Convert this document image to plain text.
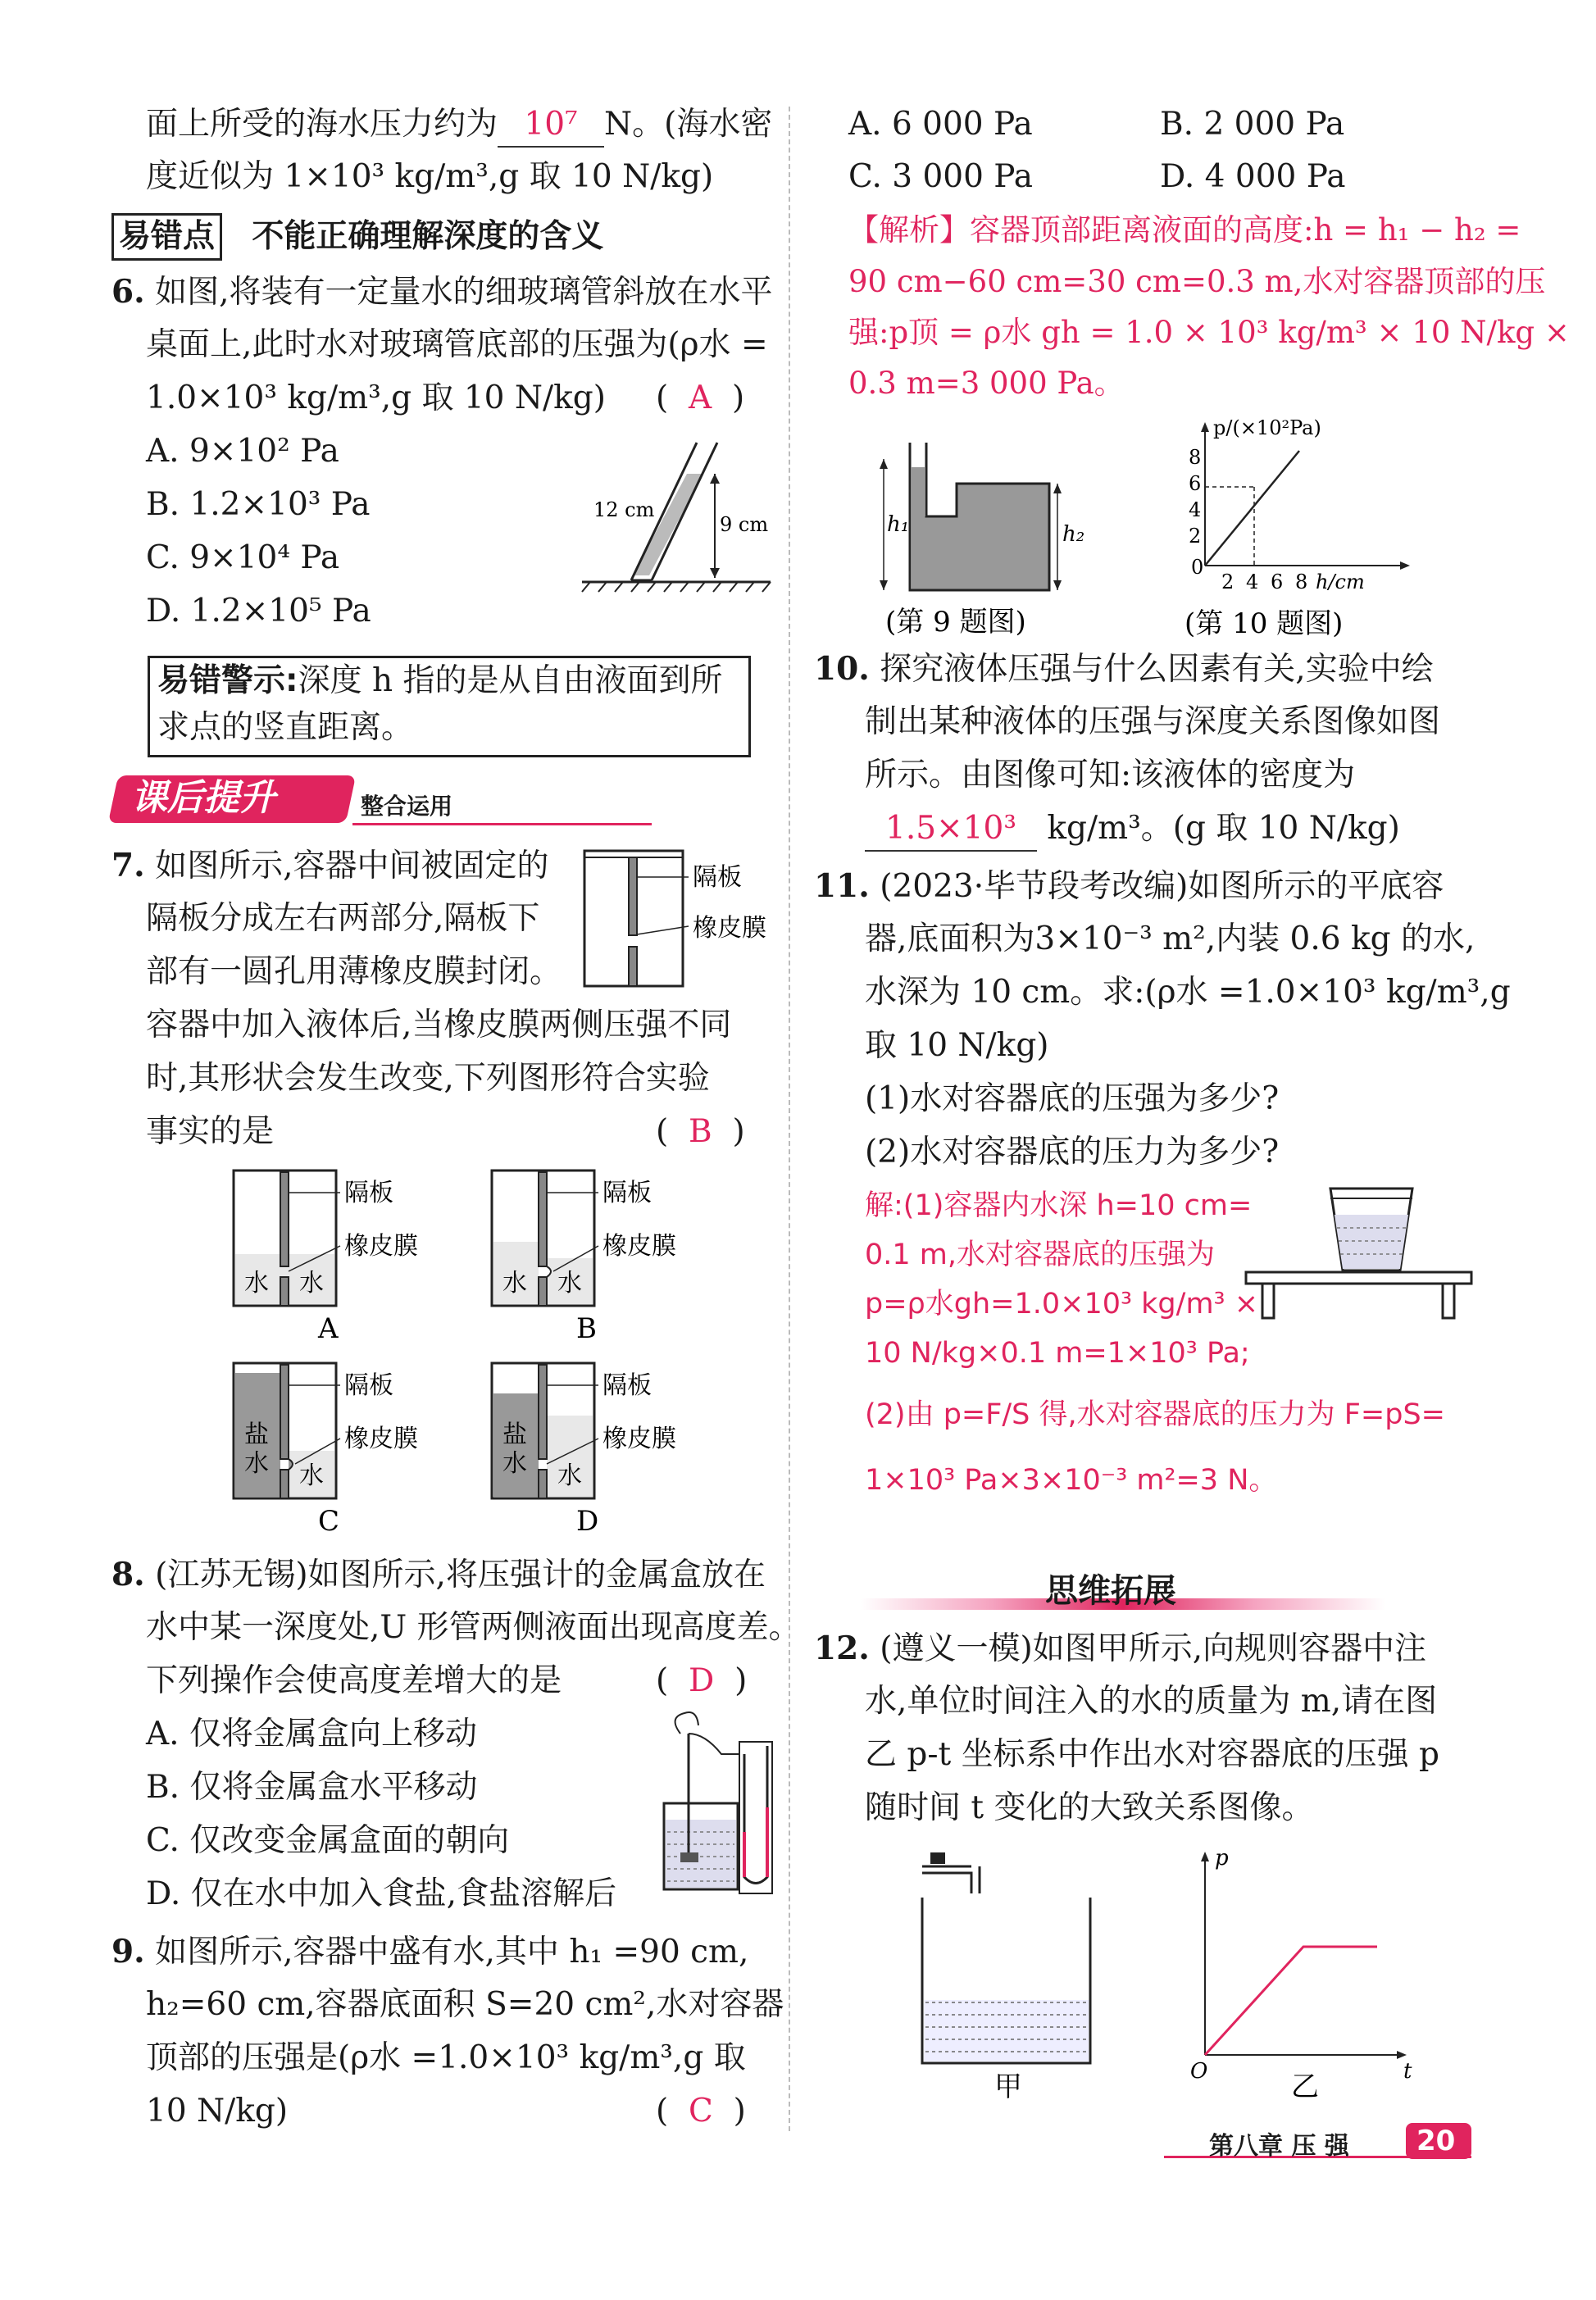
面上所受的海水压力约为 10⁷ N。(海水密
度近似为 1×10³ kg/m³,g 取 10 N/kg)
易错点 不能正确理解深度的含义
6. 如图,将装有一定量水的细玻璃管斜放在水平
桌面上,此时水对玻璃管底部的压强为(ρ水 =
1.0×10³ kg/m³,g 取 10 N/kg) (  A  )
A. 9×10² Pa
B. 1.2×10³ Pa
C. 9×10⁴ Pa
D. 1.2×10⁵ Pa
9 cm
12 cm
易错警示:深度 h 指的是从自由液面到所
求点的竖直距离。
课后提升	整合运用
7. 如图所示,容器中间被固定的
隔板分成左右两部分,隔板下
部有一圆孔用薄橡皮膜封闭。
容器中加入液体后,当橡皮膜两侧压强不同
时,其形状会发生改变,下列图形符合实验
事实的是	(  B  )
隔板
橡皮膜
隔板
橡皮膜
水 水
A
隔板
橡皮膜
水 水
B
隔板
橡皮膜
盐
水 水
C
隔板
橡皮膜
盐
水 水
D
8. (江苏无锡)如图所示,将压强计的金属盒放在
水中某一深度处,U 形管两侧液面出现高度差。
下列操作会使高度差增大的是	(  D  )
A. 仅将金属盒向上移动
B. 仅将金属盒水平移动
C. 仅改变金属盒面的朝向
D. 仅在水中加入食盐,食盐溶解后
9. 如图所示,容器中盛有水,其中 h₁ =90 cm,
h₂=60 cm,容器底面积 S=20 cm²,水对容器
顶部的压强是(ρ水 =1.0×10³ kg/m³,g 取
10 N/kg)	(  C  )
A. 6 000 Pa	B. 2 000 Pa
C. 3 000 Pa	D. 4 000 Pa
【解析】容器顶部距离液面的高度:h = h₁ − h₂ =
90 cm−60 cm=30 cm=0.3 m,水对容器顶部的压
强:p顶 = ρ水 gh = 1.0 × 10³ kg/m³ × 10 N/kg ×
0.3 m=3 000 Pa。
h₁	h₂
(第 9 题图)
p/(×10²Pa)
2
4
6
8
2 4 6 8
0
h/cm
(第 10 题图)
10. 探究液体压强与什么因素有关,实验中绘
制出某种液体的压强与深度关系图像如图
所示。由图像可知:该液体的密度为
1.5×10³ kg/m³。(g 取 10 N/kg)
11. (2023·毕节段考改编)如图所示的平底容
器,底面积为3×10⁻³ m²,内装 0.6 kg 的水,
水深为 10 cm。求:(ρ水 =1.0×10³ kg/m³,g
取 10 N/kg)
(1)水对容器底的压强为多少?
(2)水对容器底的压力为多少?
解:(1)容器内水深 h=10 cm=
0.1 m,水对容器底的压强为
p=ρ水gh=1.0×10³ kg/m³ ×
10 N/kg×0.1 m=1×10³ Pa;
(2)由 p=F/S 得,水对容器底的压力为 F=pS=
1×10³ Pa×3×10⁻³ m²=3 N。
思维拓展
12. (遵义一模)如图甲所示,向规则容器中注
水,单位时间注入的水的质量为 m,请在图
乙 p-t 坐标系中作出水对容器底的压强 p
随时间 t 变化的大致关系图像。
甲
p
t
O	乙
第八章 压 强 20
